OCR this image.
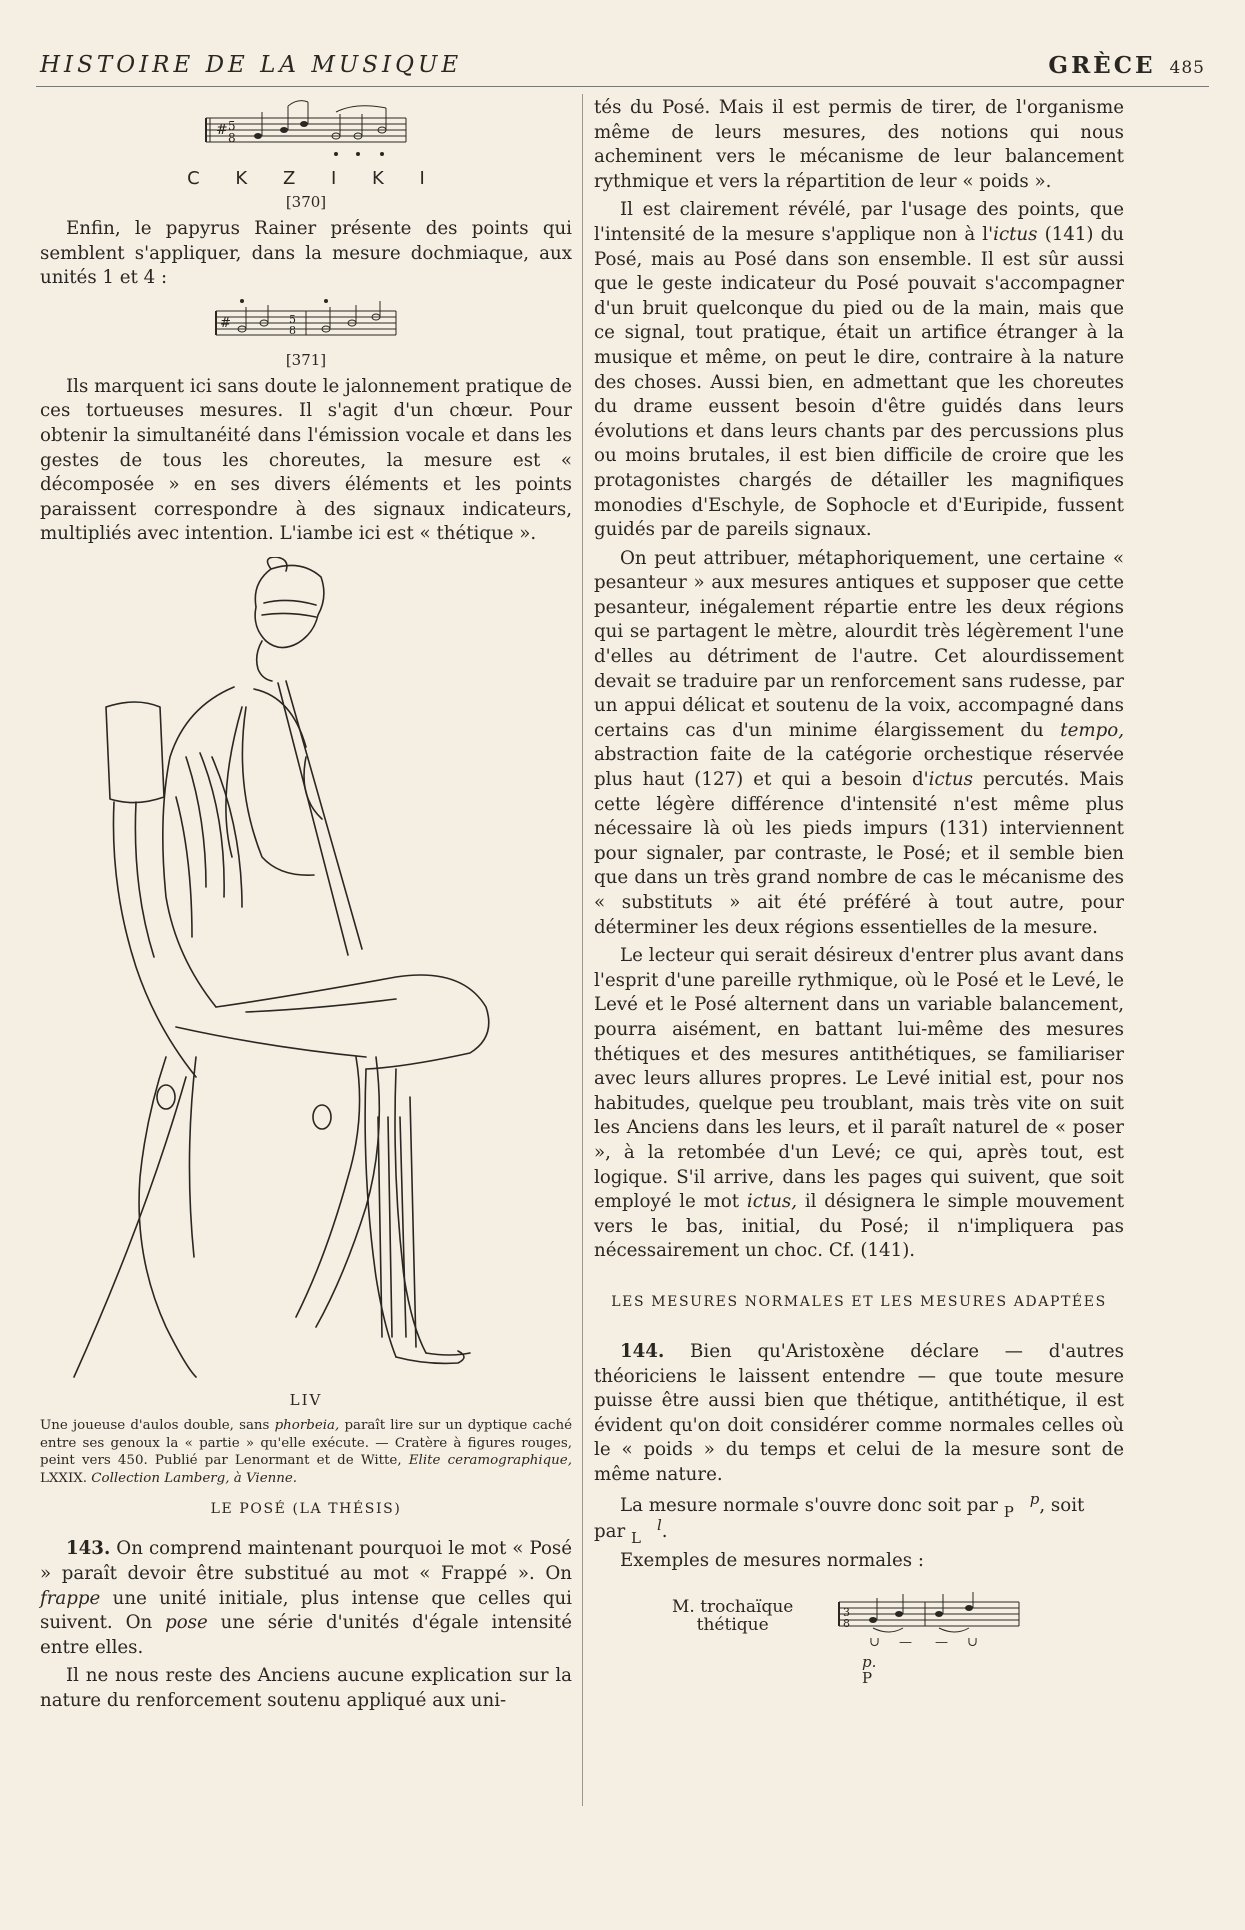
HISTOIRE DE LA MUSIQUE	GRÈCE 485
# 5
8
C K Z I K I
[370]

Enfin, le papyrus Rainer présente des points qui semblent s'appliquer, dans la mesure dochmiaque, aux unités 1 et 4 :

#	5
8
[371]

Ils marquent ici sans doute le jalonnement pratique de ces tortueuses mesures. Il s'agit d'un chœur. Pour obtenir la simultanéité dans l'émission vocale et dans les gestes de tous les choreutes, la mesure est « décomposée » en ses divers éléments et les points paraissent correspondre à des signaux indicateurs, multipliés avec intention. L'iambe ici est « thétique ».

LIV

Une joueuse d'aulos double, sans phorbeia, paraît lire sur un dyptique caché entre ses genoux la « partie » qu'elle exécute. — Cratère à figures rouges, peint vers 450. Publié par Lenormant et de Witte, Elite ceramographique, LXXIX. Collection Lamberg, à Vienne.

LE POSÉ (LA THÉSIS)

143. On comprend maintenant pourquoi le mot « Posé » paraît devoir être substitué au mot « Frappé ». On frappe une unité initiale, plus intense que celles qui suivent. On pose une série d'unités d'égale intensité entre elles.

Il ne nous reste des Anciens aucune explication sur la nature du renforcement soutenu appliqué aux uni-

tés du Posé. Mais il est permis de tirer, de l'organisme même de leurs mesures, des notions qui nous acheminent vers le mécanisme de leur balancement rythmique et vers la répartition de leur « poids ».

Il est clairement révélé, par l'usage des points, que l'intensité de la mesure s'applique non à l'ictus (141) du Posé, mais au Posé dans son ensemble. Il est sûr aussi que le geste indicateur du Posé pouvait s'accompagner d'un bruit quelconque du pied ou de la main, mais que ce signal, tout pratique, était un artifice étranger à la musique et même, on peut le dire, contraire à la nature des choses. Aussi bien, en admettant que les choreutes du drame eussent besoin d'être guidés dans leurs évolutions et dans leurs chants par des percussions plus ou moins brutales, il est bien difficile de croire que les protagonistes chargés de détailler les magnifiques monodies d'Eschyle, de Sophocle et d'Euripide, fussent guidés par de pareils signaux.

On peut attribuer, métaphoriquement, une certaine « pesanteur » aux mesures antiques et supposer que cette pesanteur, inégalement répartie entre les deux régions qui se partagent le mètre, alourdit très légèrement l'une d'elles au détriment de l'autre. Cet alourdissement devait se traduire par un renforcement sans rudesse, par un appui délicat et soutenu de la voix, accompagné dans certains cas d'un minime élargissement du tempo, abstraction faite de la catégorie orchestique réservée plus haut (127) et qui a besoin d'ictus percutés. Mais cette légère différence d'intensité n'est même plus nécessaire là où les pieds impurs (131) interviennent pour signaler, par contraste, le Posé; et il semble bien que dans un très grand nombre de cas le mécanisme des « substituts » ait été préféré à tout autre, pour déterminer les deux régions essentielles de la mesure.

Le lecteur qui serait désireux d'entrer plus avant dans l'esprit d'une pareille rythmique, où le Posé et le Levé, le Levé et le Posé alternent dans un variable balancement, pourra aisément, en battant lui-même des mesures thétiques et des mesures antithétiques, se familiariser avec leurs allures propres. Le Levé initial est, pour nos habitudes, quelque peu troublant, mais très vite on suit les Anciens dans les leurs, et il paraît naturel de « poser », à la retombée d'un Levé; ce qui, après tout, est logique. S'il arrive, dans les pages qui suivent, que soit employé le mot ictus, il désignera le simple mouvement vers le bas, initial, du Posé; il n'impliquera pas nécessairement un choc. Cf. (141).

LES MESURES NORMALES ET LES MESURES ADAPTÉES

144. Bien qu'Aristoxène déclare — d'autres théoriciens le laissent entendre — que toute mesure puisse être aussi bien que thétique, antithétique, il est évident qu'on doit considérer comme normales celles où le « poids » du temps et celui de la mesure sont de même nature.

La mesure normale s'ouvre donc soit par p
P , soit
par l
L .

Exemples de mesures normales :

M. trochaïque
thétique
3
8
∪ — — ∪
p.
P
